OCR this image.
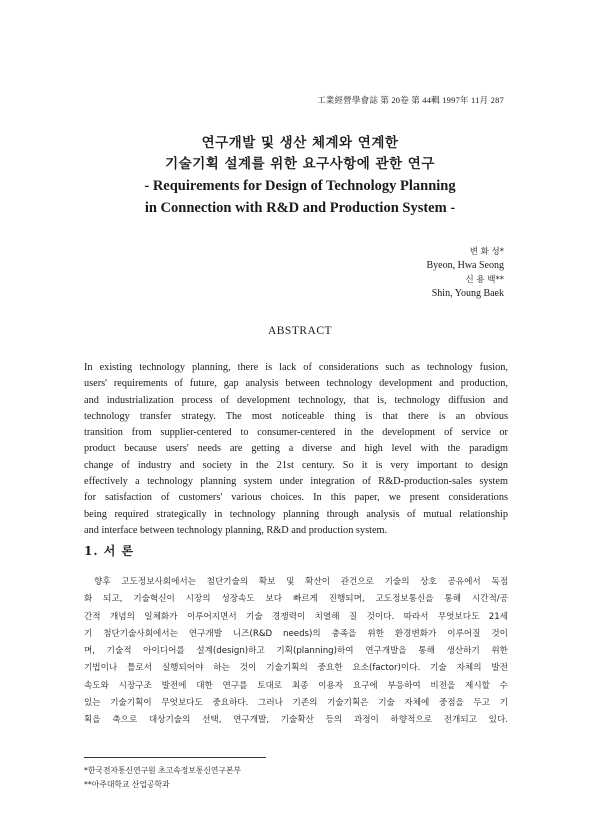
工業經營學會誌 第 20卷 第 44輯 1997年 11月 287
연구개발 및 생산 체계와 연계한
기술기획 설계를 위한 요구사항에 관한 연구
- Requirements for Design of Technology Planning
in Connection with R&D and Production System -
변 화 성*
Byeon, Hwa Seong
신 용 백**
Shin, Young Baek
ABSTRACT
In existing technology planning, there is lack of considerations such as technology fusion,
users' requirements of future, gap analysis between technology development and production,
and industrialization process of development technology, that is, technology diffusion and
technology transfer strategy. The most noticeable thing is that there is an obvious
transition from supplier-centered to consumer-centered in the development of service or
product because users' needs are getting a diverse and high level with the paradigm
change of industry and society in the 21st century. So it is very important to design
effectively a technology planning system under integration of R&D-production-sales system
for satisfaction of customers' various choices. In this paper, we present considerations
being required strategically in technology planning through analysis of mutual relationship
and interface between technology planning, R&D and production system.
1. 서 론
향후 고도정보사회에서는 첨단기술의 확보 및 확산이 관건으로 기술의 상호 공유에서 독점
화 되고, 기술혁신이 시장의 성장속도 보다 빠르게 진행되며, 고도정보통신을 통해 시간적/공
간적 개념의 일체화가 이루어지면서 기술 경쟁력이 치열해 질 것이다. 따라서 무엇보다도 21세
기 첨단기술사회에서는 연구개발 니즈(R&D needs)의 충족을 위한 환경변화가 이루어질 것이
며, 기술적 아이디어를 설계(design)하고 기획(planning)하여 연구개발을 통해 생산하기 위한
기법이나 틀로서 실행되어야 하는 것이 기술기획의 중요한 요소(factor)이다. 기술 자체의 발전
속도와 시장구조 발전에 대한 연구를 토대로 최종 이용자 요구에 부응하여 비전을 제시할 수
있는 기술기획이 무엇보다도 중요하다. 그러나 기존의 기술기획은 기술 자체에 중점을 두고 기
획을 축으로 대상기술의 선택, 연구개발, 기술확산 등의 과정이 하향적으로 전개되고 있다.
*한국전자통신연구원 초고속정보통신연구본부
**아주대학교 산업공학과
